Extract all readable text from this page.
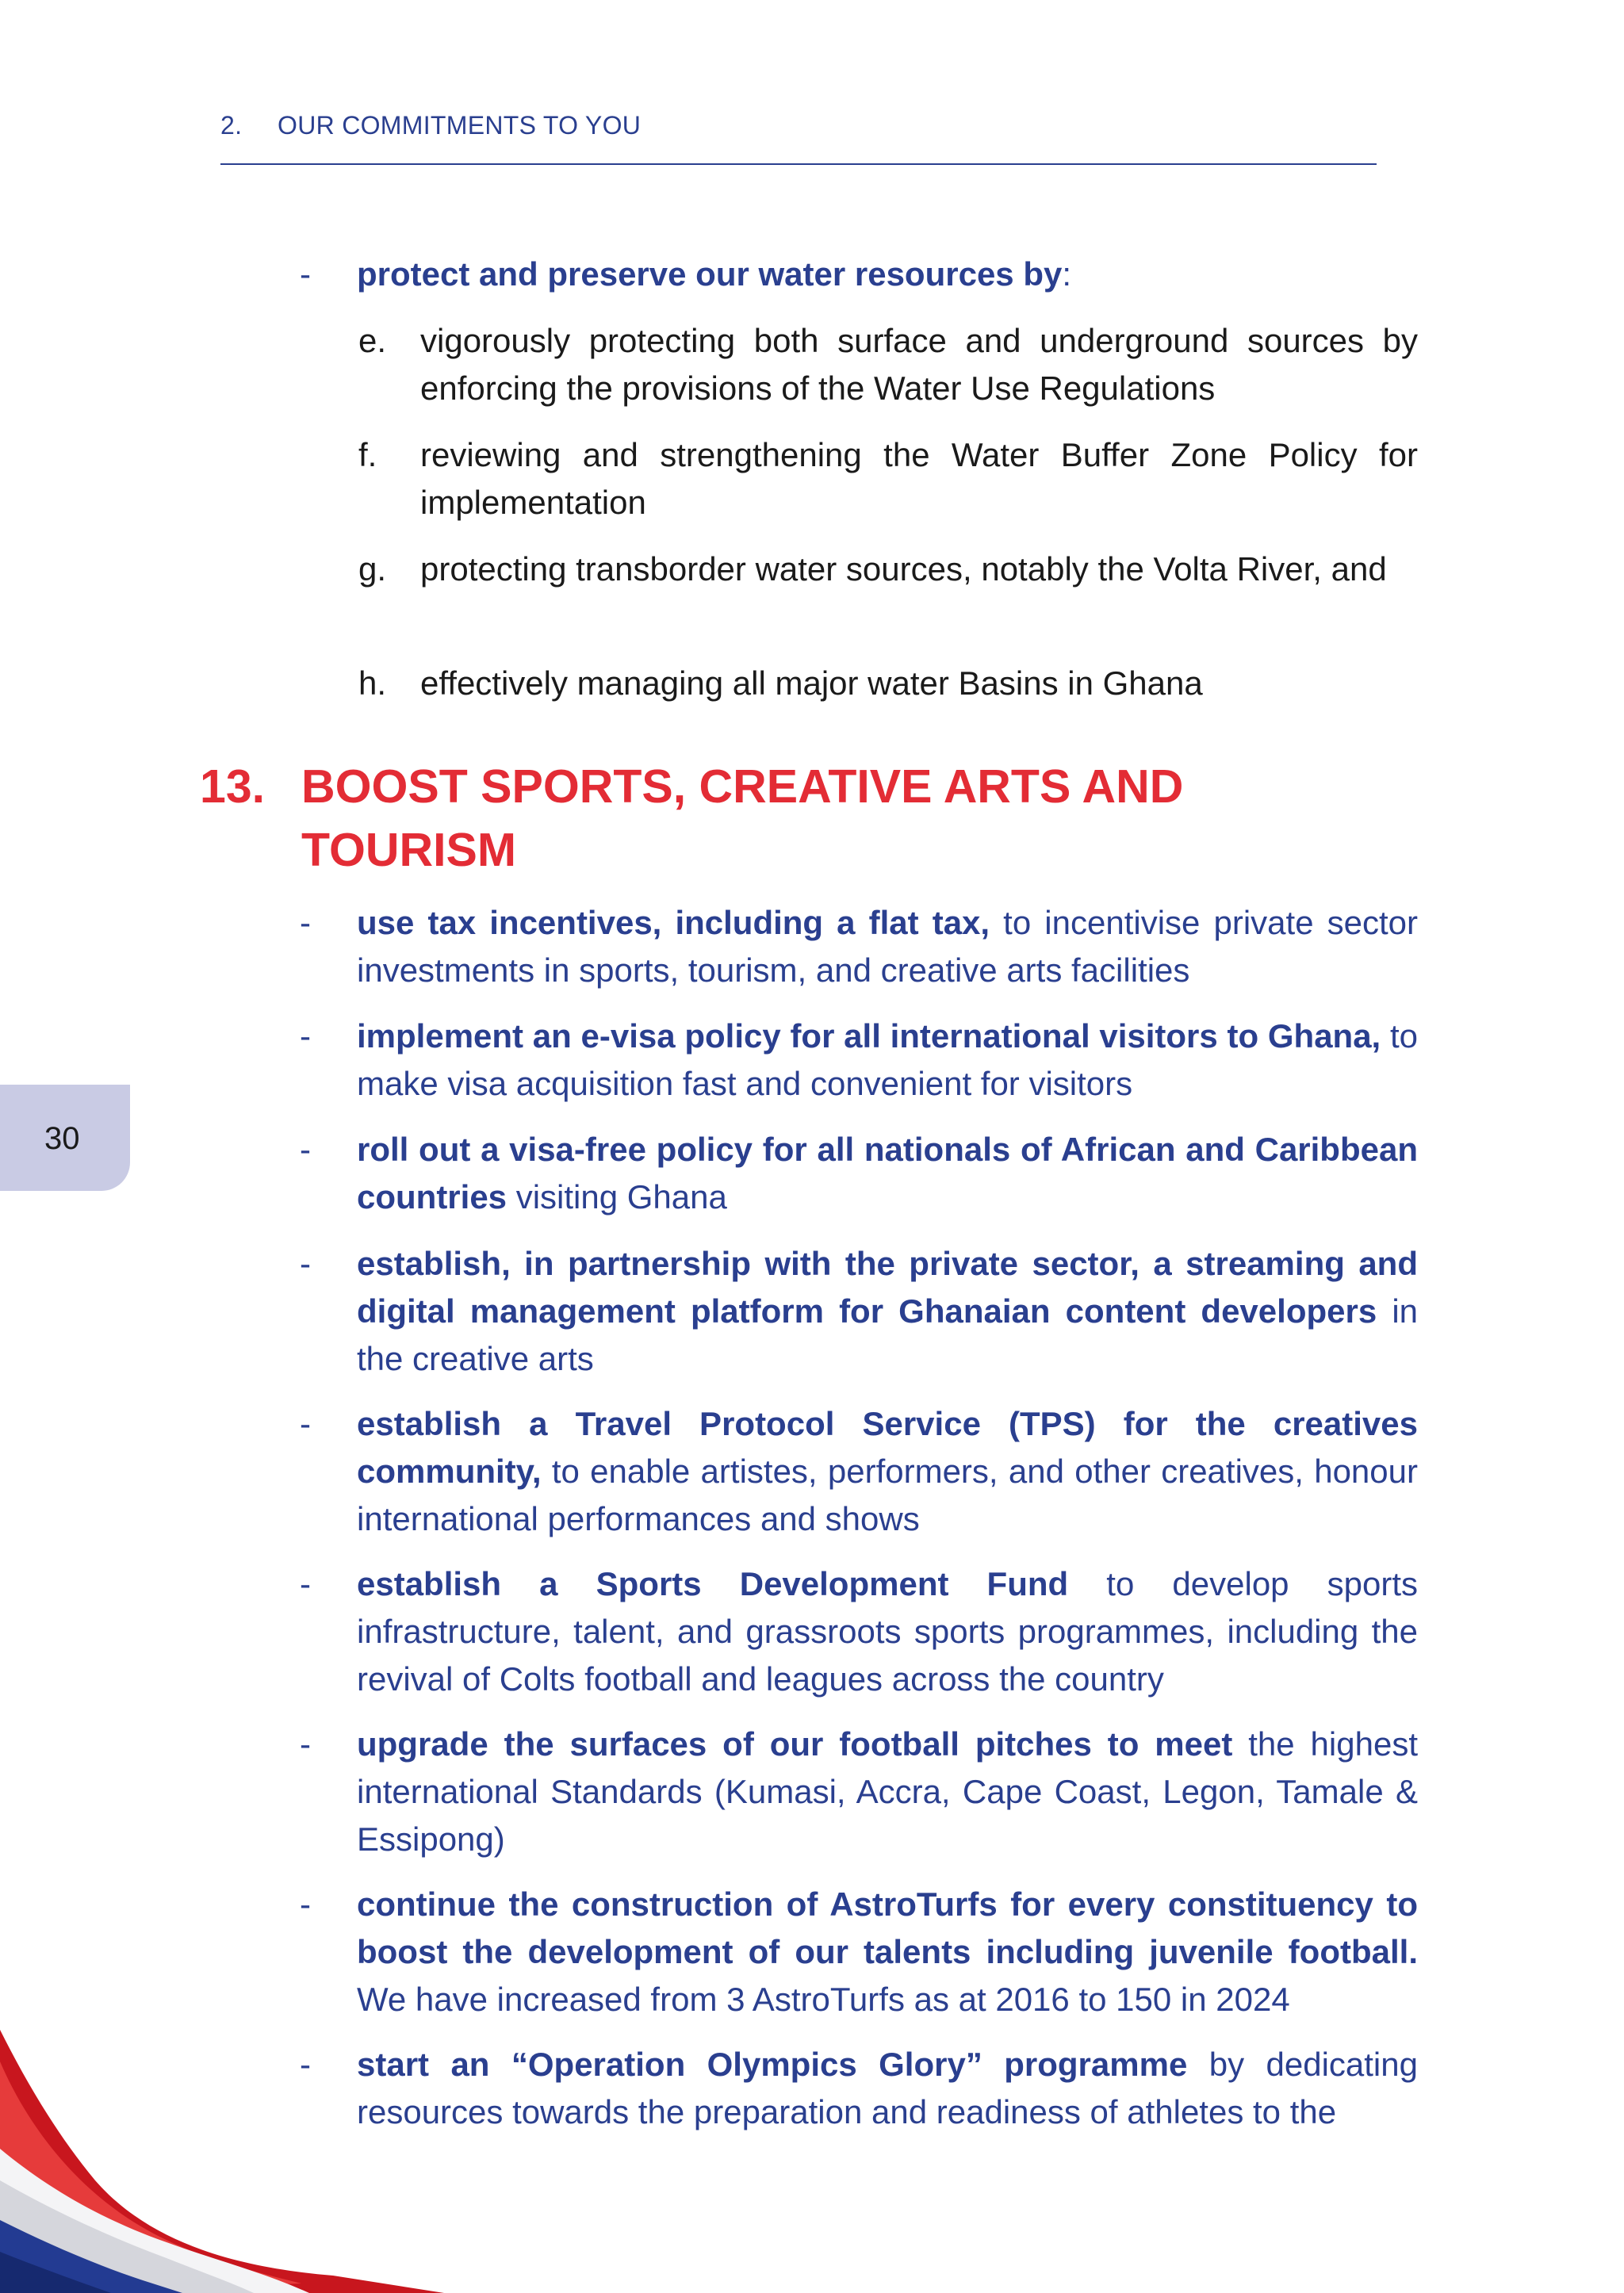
2. OUR COMMITMENTS TO YOU
30
- protect and preserve our water resources by:
e. vigorously protecting both surface and underground sources by enforcing the provisions of the Water Use Regulations
f. reviewing and strengthening the Water Buffer Zone Policy for implementation
g. protecting transborder water sources, notably the Volta River, and
h. effectively managing all major water Basins in Ghana
13. BOOST SPORTS, CREATIVE ARTS AND TOURISM
- use tax incentives, including a flat tax, to incentivise private sector investments in sports, tourism, and creative arts facilities
- implement an e-visa policy for all international visitors to Ghana, to make visa acquisition fast and convenient for visitors
- roll out a visa-free policy for all nationals of African and Caribbean countries visiting Ghana
- establish, in partnership with the private sector, a streaming and digital management platform for Ghanaian content developers in the creative arts
- establish a Travel Protocol Service (TPS) for the creatives community, to enable artistes, performers, and other creatives, honour international performances and shows
- establish a Sports Development Fund to develop sports infrastructure, talent, and grassroots sports programmes, including the revival of Colts football and leagues across the country
- upgrade the surfaces of our football pitches to meet the highest international Standards (Kumasi, Accra, Cape Coast, Legon, Tamale & Essipong)
- continue the construction of AstroTurfs for every constituency to boost the development of our talents including juvenile football. We have increased from 3 AstroTurfs as at 2016 to 150 in 2024
- start an “Operation Olympics Glory” programme by dedicating resources towards the preparation and readiness of athletes to the
